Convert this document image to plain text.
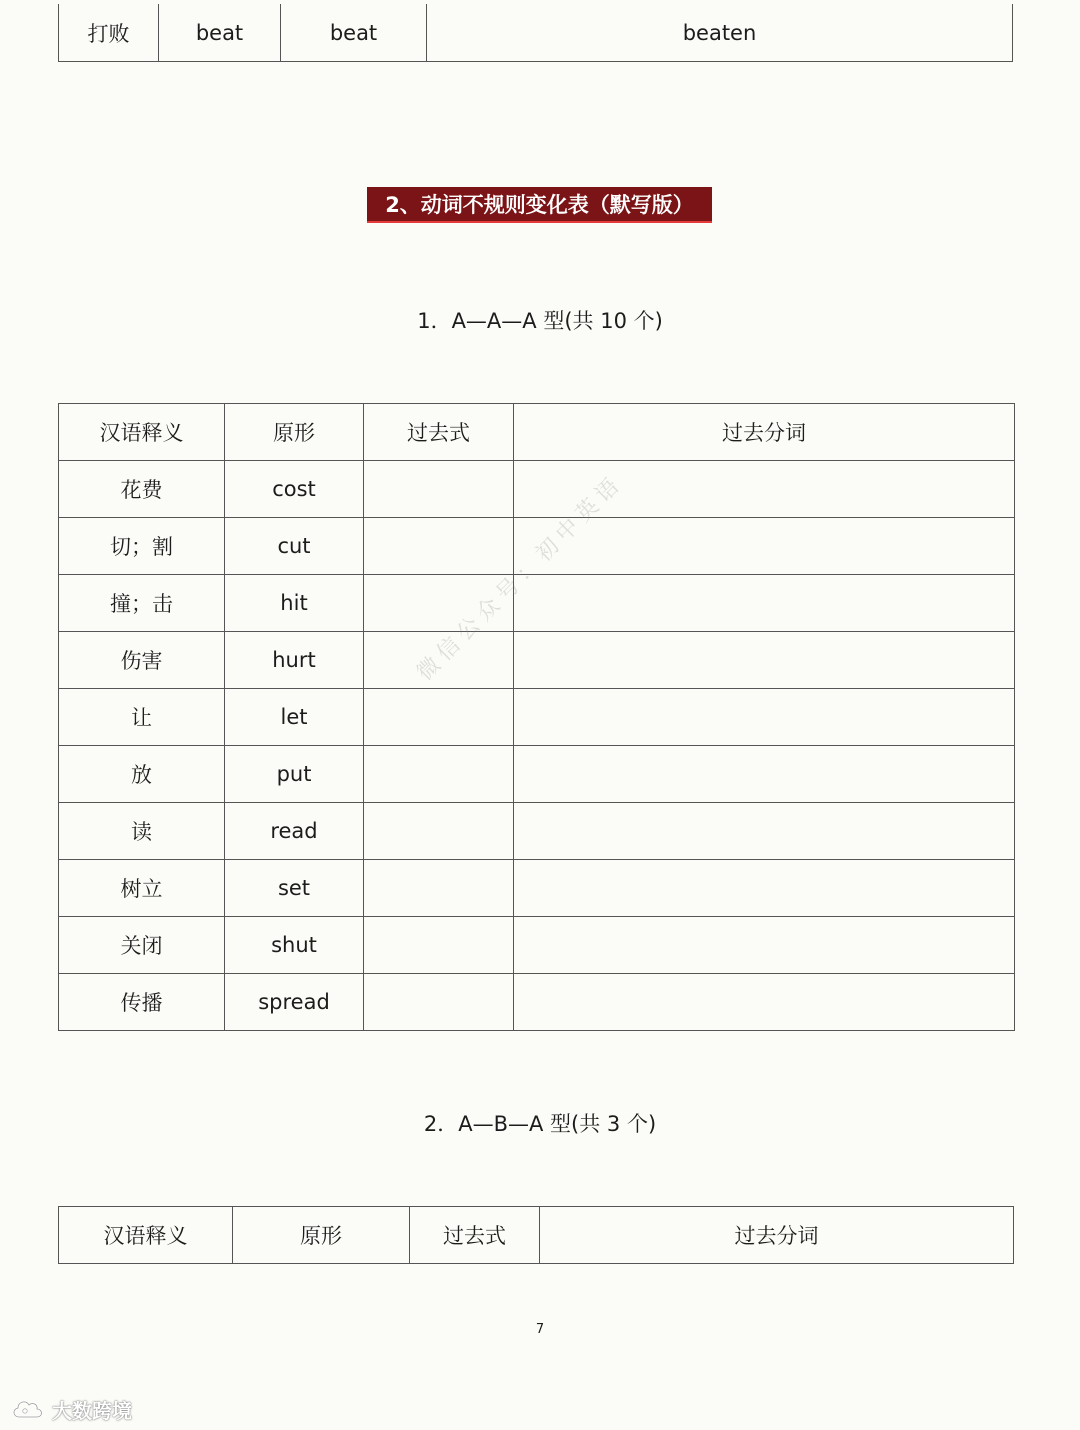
打败	beat	beat	beaten
2、动词不规则变化表（默写版）
1．A—A—A 型(共 10 个)
汉语释义	原形	过去式	过去分词
花费	cost		
切；割	cut		
撞；击	hit		
伤害	hurt		
让	let		
放	put		
读	read		
树立	set		
关闭	shut		
传播	spread		
微信公众号：初中英语
2．A—B—A 型(共 3 个)
汉语释义	原形	过去式	过去分词
7
大数跨境
